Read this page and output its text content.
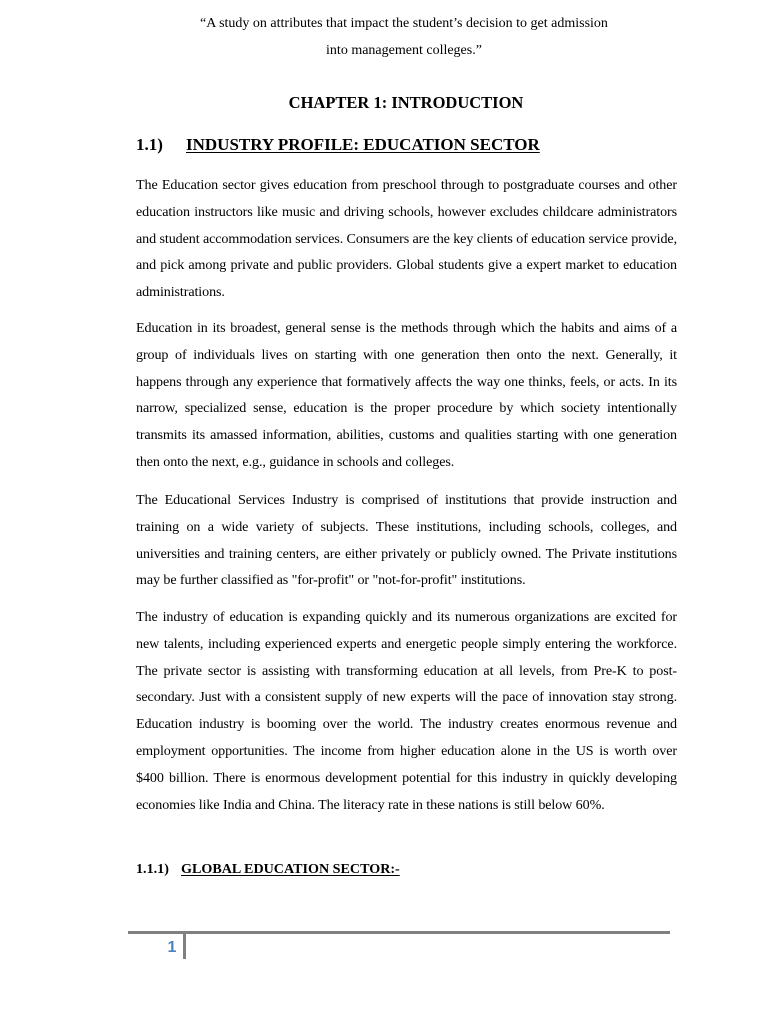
“A study on attributes that impact the student’s decision to get admission
into management colleges.”
CHAPTER 1: INTRODUCTION
1.1) INDUSTRY PROFILE: EDUCATION SECTOR

The Education sector gives education from preschool through to postgraduate courses and other education instructors like music and driving schools, however excludes childcare administrators and student accommodation services. Consumers are the key clients of education service provide, and pick among private and public providers. Global students give a expert market to education administrations.

Education in its broadest, general sense is the methods through which the habits and aims of a group of individuals lives on starting with one generation then onto the next. Generally, it happens through any experience that formatively affects the way one thinks, feels, or acts. In its narrow, specialized sense, education is the proper procedure by which society intentionally transmits its amassed information, abilities, customs and qualities starting with one generation then onto the next, e.g., guidance in schools and colleges.

The Educational Services Industry is comprised of institutions that provide instruction and training on a wide variety of subjects. These institutions, including schools, colleges, and universities and training centers, are either privately or publicly owned. The Private institutions may be further classified as "for-profit" or "not-for-profit" institutions.

The industry of education is expanding quickly and its numerous organizations are excited for new talents, including experienced experts and energetic people simply entering the workforce. The private sector is assisting with transforming education at all levels, from Pre-K to post-secondary. Just with a consistent supply of new experts will the pace of innovation stay strong. Education industry is booming over the world. The industry creates enormous revenue and employment opportunities. The income from higher education alone in the US is worth over $400 billion. There is enormous development potential for this industry in quickly developing economies like India and China. The literacy rate in these nations is still below 60%.

1.1.1) GLOBAL EDUCATION SECTOR:-
1
